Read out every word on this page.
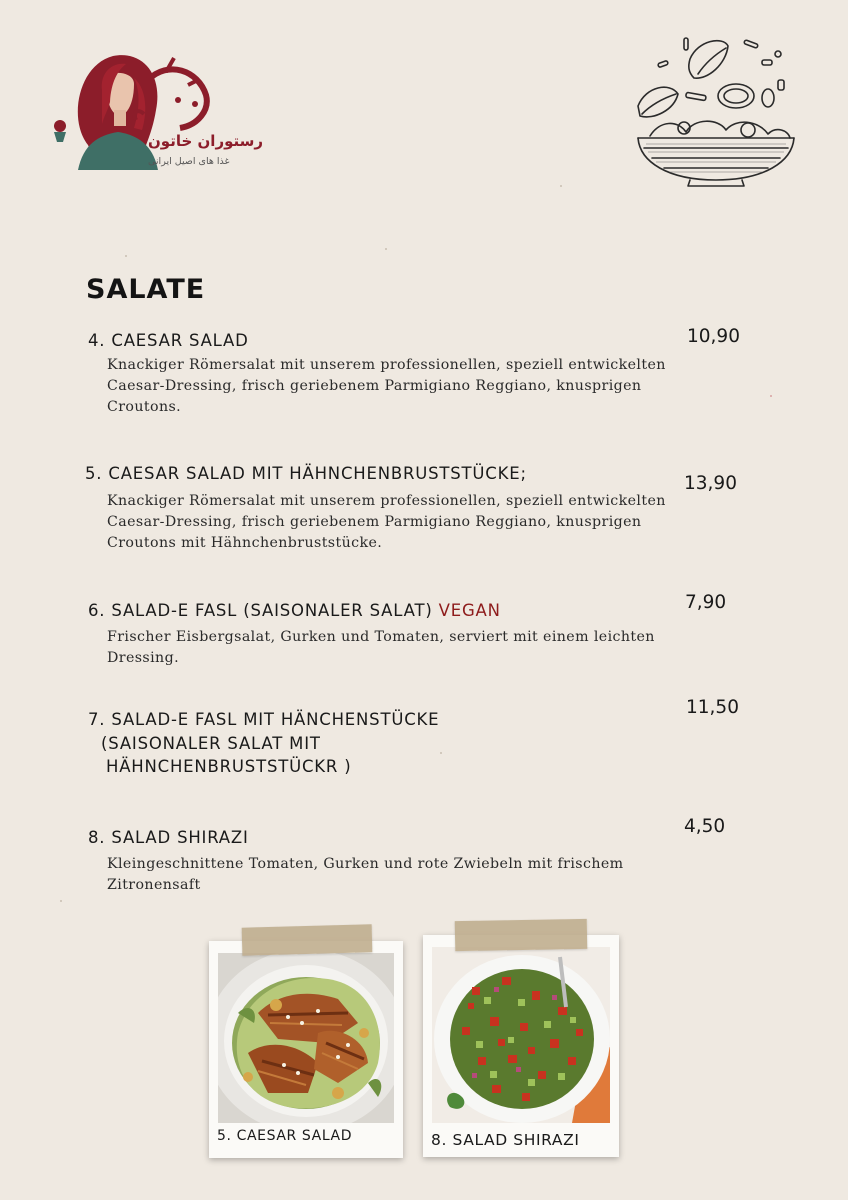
رستوران خاتون
غذا های اصیل ایرانی
SALATE
4. CAESAR SALAD	10,90
Knackiger Römersalat mit unserem professionellen, speziell entwickelten Caesar-Dressing, frisch geriebenem Parmigiano Reggiano, knusprigen Croutons.
5. CAESAR SALAD MIT HÄHNCHENBRUSTSTÜCKE;	13,90
Knackiger Römersalat mit unserem professionellen, speziell entwickelten Caesar-Dressing, frisch geriebenem Parmigiano Reggiano, knusprigen Croutons mit Hähnchenbruststücke.
6. SALAD-E FASL (SAISONALER SALAT) VEGAN	7,90
Frischer Eisbergsalat, Gurken und Tomaten, serviert mit einem leichten Dressing.
7. SALAD-E FASL MIT HÄNCHENSTÜCKE
(SAISONALER SALAT MIT
HÄHNCHENBRUSTSTÜCKR )
11,50
8. SALAD SHIRAZI
4,50
Kleingeschnittene Tomaten, Gurken und rote Zwiebeln mit frischem Zitronensaft
5. CAESAR SALAD	8. SALAD SHIRAZI
